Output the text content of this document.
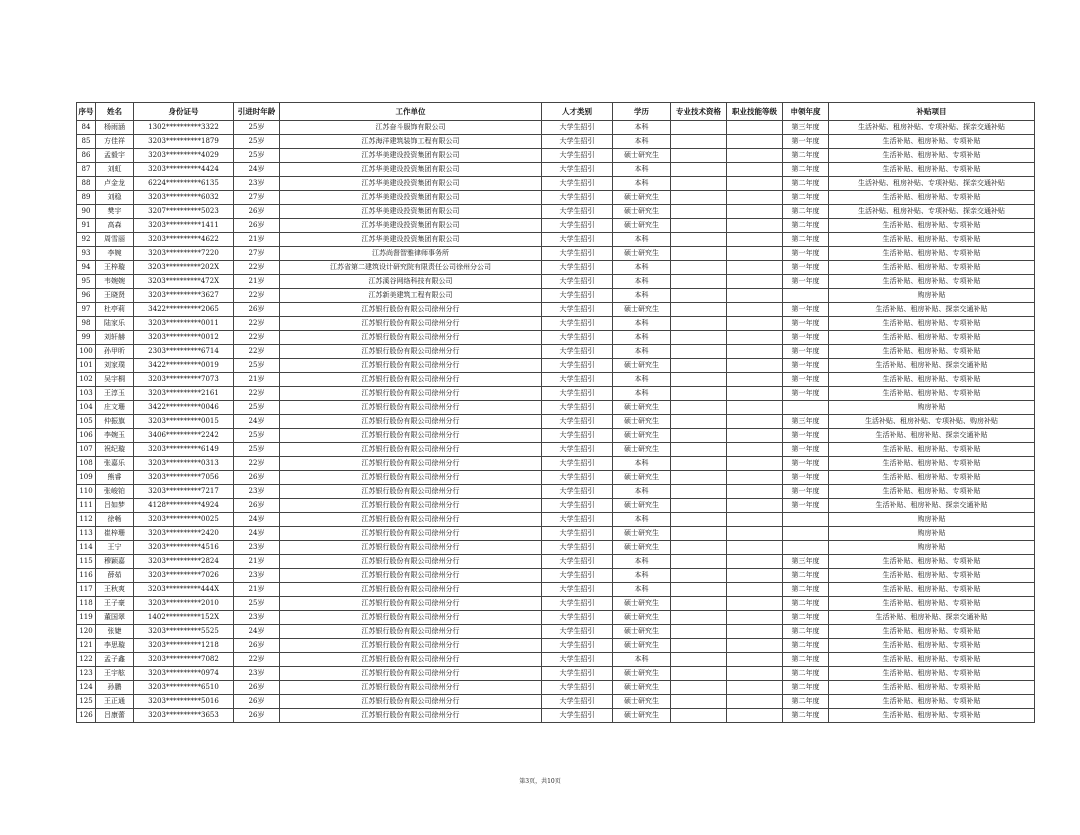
序号	姓名	身份证号	引进时年龄	工作单位	人才类别	学历	专业技术资格	职业技能等级	申领年度	补贴项目
84	杨雨涵	1302**********3322	25岁	江苏奋斗服饰有限公司	大学生招引	本科			第三年度	生活补贴、租房补贴、专项补贴、探亲交通补贴
85	方佳祥	3203**********1879	25岁	江苏海洋建筑装饰工程有限公司	大学生招引	本科			第一年度	生活补贴、租房补贴、专项补贴
86	孟毅宇	3203**********4029	25岁	江苏华美建设投资集团有限公司	大学生招引	硕士研究生			第二年度	生活补贴、租房补贴、专项补贴
87	刘虹	3203**********4424	24岁	江苏华美建设投资集团有限公司	大学生招引	本科			第二年度	生活补贴、租房补贴、专项补贴
88	卢金龙	6224**********6135	23岁	江苏华美建设投资集团有限公司	大学生招引	本科			第二年度	生活补贴、租房补贴、专项补贴、探亲交通补贴
89	刘稳	3203**********6032	27岁	江苏华美建设投资集团有限公司	大学生招引	硕士研究生			第二年度	生活补贴、租房补贴、专项补贴
90	樊宇	3207**********5023	26岁	江苏华美建设投资集团有限公司	大学生招引	硕士研究生			第二年度	生活补贴、租房补贴、专项补贴、探亲交通补贴
91	高森	3203**********1411	26岁	江苏华美建设投资集团有限公司	大学生招引	硕士研究生			第二年度	生活补贴、租房补贴、专项补贴
92	周雪丽	3203**********4622	21岁	江苏华美建设投资集团有限公司	大学生招引	本科			第二年度	生活补贴、租房补贴、专项补贴
93	李婉	3203**********7220	27岁	江苏尚督智雅律师事务所	大学生招引	硕士研究生			第一年度	生活补贴、租房补贴、专项补贴
94	王梓璇	3203**********202X	22岁	江苏省第二建筑设计研究院有限责任公司徐州分公司	大学生招引	本科			第一年度	生活补贴、租房补贴、专项补贴
95	韦婉婉	3203**********472X	21岁	江苏溪谷网络科技有限公司	大学生招引	本科			第一年度	生活补贴、租房补贴、专项补贴
96	王晓贤	3203**********3627	22岁	江苏新美建筑工程有限公司	大学生招引	本科				购房补贴
97	杜亭莉	3422**********2065	26岁	江苏银行股份有限公司徐州分行	大学生招引	硕士研究生			第一年度	生活补贴、租房补贴、探亲交通补贴
98	陆家乐	3203**********0011	22岁	江苏银行股份有限公司徐州分行	大学生招引	本科			第一年度	生活补贴、租房补贴、专项补贴
99	刘轩赫	3203**********0012	22岁	江苏银行股份有限公司徐州分行	大学生招引	本科			第一年度	生活补贴、租房补贴、专项补贴
100	孙甲昕	2303**********6714	22岁	江苏银行股份有限公司徐州分行	大学生招引	本科			第一年度	生活补贴、租房补贴、专项补贴
101	刘家璞	3422**********0019	25岁	江苏银行股份有限公司徐州分行	大学生招引	硕士研究生			第一年度	生活补贴、租房补贴、探亲交通补贴
102	吴宇桐	3203**********7073	21岁	江苏银行股份有限公司徐州分行	大学生招引	本科			第一年度	生活补贴、租房补贴、专项补贴
103	王淳玉	3203**********2161	22岁	江苏银行股份有限公司徐州分行	大学生招引	本科			第一年度	生活补贴、租房补贴、专项补贴
104	庄文珊	3422**********0046	25岁	江苏银行股份有限公司徐州分行	大学生招引	硕士研究生				购房补贴
105	仲振旗	3203**********0015	24岁	江苏银行股份有限公司徐州分行	大学生招引	硕士研究生			第三年度	生活补贴、租房补贴、专项补贴、购房补贴
106	李婉玉	3406**********2242	25岁	江苏银行股份有限公司徐州分行	大学生招引	硕士研究生			第一年度	生活补贴、租房补贴、探亲交通补贴
107	祝纪璇	3203**********6149	25岁	江苏银行股份有限公司徐州分行	大学生招引	硕士研究生			第一年度	生活补贴、租房补贴、专项补贴
108	张嘉乐	3203**********0313	22岁	江苏银行股份有限公司徐州分行	大学生招引	本科			第一年度	生活补贴、租房补贴、专项补贴
109	熊睿	3203**********7056	26岁	江苏银行股份有限公司徐州分行	大学生招引	硕士研究生			第一年度	生活补贴、租房补贴、专项补贴
110	张峻铂	3203**********7217	23岁	江苏银行股份有限公司徐州分行	大学生招引	本科			第一年度	生活补贴、租房补贴、专项补贴
111	吕如梦	4128**********4924	26岁	江苏银行股份有限公司徐州分行	大学生招引	硕士研究生			第一年度	生活补贴、租房补贴、探亲交通补贴
112	徐畅	3203**********0025	24岁	江苏银行股份有限公司徐州分行	大学生招引	本科				购房补贴
113	崔梓珊	3203**********2420	24岁	江苏银行股份有限公司徐州分行	大学生招引	硕士研究生				购房补贴
114	王宁	3203**********4516	23岁	江苏银行股份有限公司徐州分行	大学生招引	硕士研究生				购房补贴
115	穆颖嘉	3203**********2824	21岁	江苏银行股份有限公司徐州分行	大学生招引	本科			第三年度	生活补贴、租房补贴、专项补贴
116	薛茹	3203**********7026	23岁	江苏银行股份有限公司徐州分行	大学生招引	本科			第二年度	生活补贴、租房补贴、专项补贴
117	王秋爽	3203**********444X	21岁	江苏银行股份有限公司徐州分行	大学生招引	本科			第二年度	生活补贴、租房补贴、专项补贴
118	王子豪	3203**********2010	25岁	江苏银行股份有限公司徐州分行	大学生招引	硕士研究生			第二年度	生活补贴、租房补贴、专项补贴
119	董国翠	1402**********152X	23岁	江苏银行股份有限公司徐州分行	大学生招引	硕士研究生			第二年度	生活补贴、租房补贴、探亲交通补贴
120	张婕	3203**********5525	24岁	江苏银行股份有限公司徐州分行	大学生招引	硕士研究生			第二年度	生活补贴、租房补贴、专项补贴
121	李思璇	3203**********1218	26岁	江苏银行股份有限公司徐州分行	大学生招引	硕士研究生			第二年度	生活补贴、租房补贴、专项补贴
122	孟子鑫	3203**********7082	22岁	江苏银行股份有限公司徐州分行	大学生招引	本科			第二年度	生活补贴、租房补贴、专项补贴
123	王宇舷	3203**********0974	23岁	江苏银行股份有限公司徐州分行	大学生招引	硕士研究生			第二年度	生活补贴、租房补贴、专项补贴
124	孙鹏	3203**********6510	26岁	江苏银行股份有限公司徐州分行	大学生招引	硕士研究生			第二年度	生活补贴、租房补贴、专项补贴
125	王正通	3203**********5016	26岁	江苏银行股份有限公司徐州分行	大学生招引	硕士研究生			第二年度	生活补贴、租房补贴、专项补贴
126	吕康蕾	3203**********3653	26岁	江苏银行股份有限公司徐州分行	大学生招引	硕士研究生			第二年度	生活补贴、租房补贴、专项补贴
第3页，共10页
